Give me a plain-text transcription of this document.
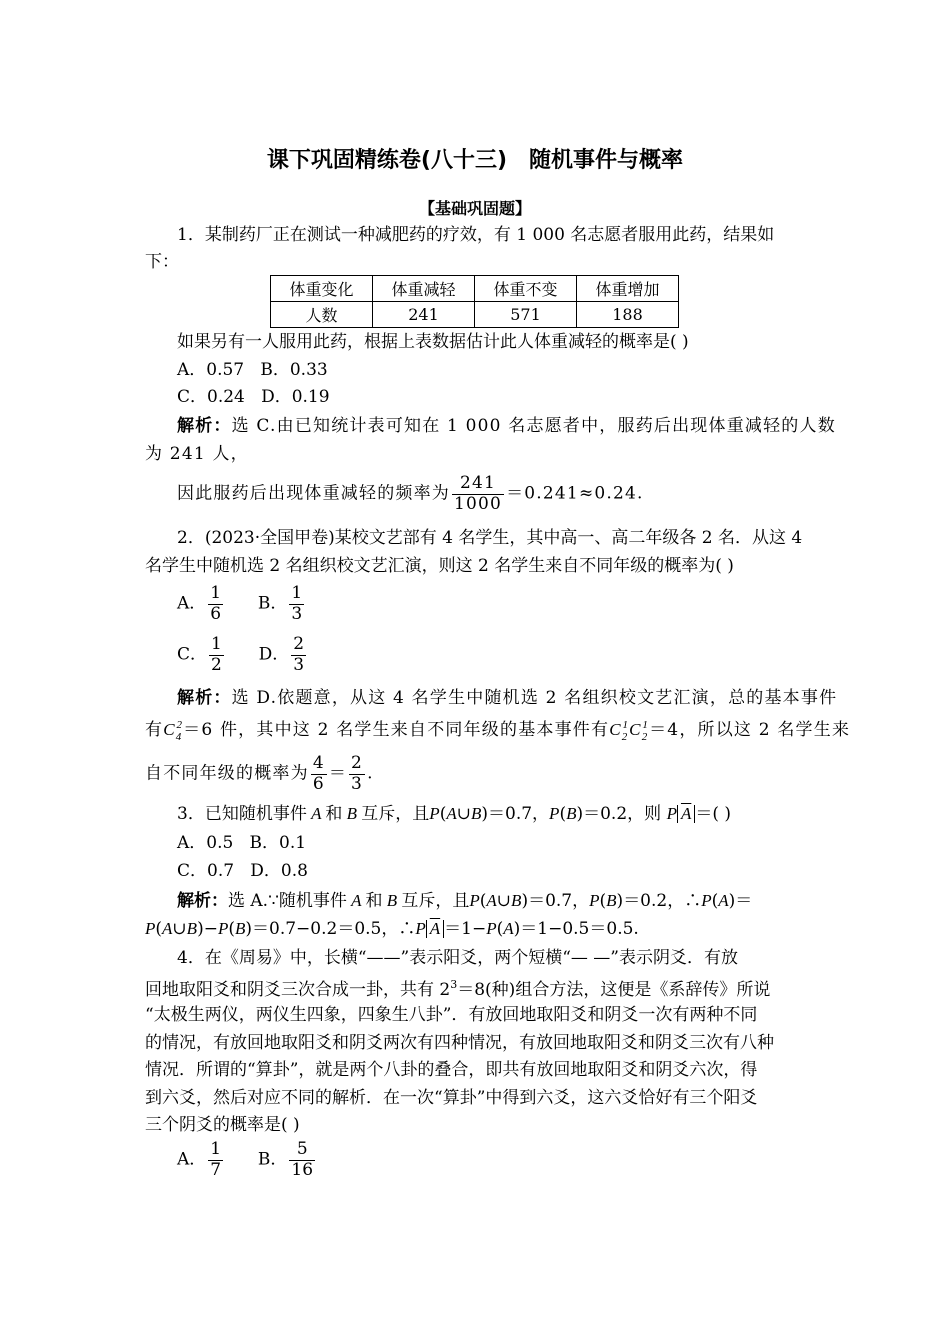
课下巩固精练卷(八十三) 随机事件与概率
【基础巩固题】
1．某制药厂正在测试一种减肥药的疗效，有 1 000 名志愿者服用此药，结果如
下：
体重变化	体重减轻	体重不变	体重增加
人数	241	571	188
如果另有一人服用此药，根据上表数据估计此人体重减轻的概率是( )
A．0.57 B．0.33
C．0.24 D．0.19
解析：选 C.由已知统计表可知在 1 000 名志愿者中，服药后出现体重减轻的人数
为 241 人，
因此服药后出现体重减轻的频率为 $\frac{241}{1000} =0.241\approx 0.24$.
2．(2023·全国甲卷)某校文艺部有 4 名学生，其中高一、高二年级各 2 名．从这 4
名学生中随机选 2 名组织校文艺汇演，则这 2 名学生来自不同年级的概率为( )
A． $\frac{1}{6}$ B． $\frac{1}{3}$
C． $\frac{1}{2}$ D． $\frac{2}{3}$
解析：选 D.依题意，从这 4 名学生中随机选 2 名组织校文艺汇演，总的基本事件
有$C_4^2=6$ 件，其中这 2 名学生来自不同年级的基本事件有$C_2^1C_2^1=4$，所以这 2 名学生来
自不同年级的概率为 $\frac{4}{6} = \frac{2}{3}$ .
3．已知随机事件 A 和 B 互斥，且P(A∪B)＝0.7，P(B)＝0.2，则 P $\overline{A}$ ＝( )
A．0.5 B．0.1
C．0.7 D．0.8
解析：选 A.∵随机事件 A 和 B 互斥，且P(A∪B)＝0.7，P(B)＝0.2，∴P(A)＝
P(A∪B)−P(B)＝0.7−0.2＝0.5，∴P $\overline{A} =1-P(A)=1-0.5=0.5$.
4．在《周易》中，长横“——”表示阳爻，两个短横“— —”表示阴爻．有放
回地取阳爻和阴爻三次合成一卦，共有 $2^3=8$(种)组合方法，这便是《系辞传》所说
“太极生两仪，两仪生四象，四象生八卦”．有放回地取阳爻和阴爻一次有两种不同
的情况，有放回地取阳爻和阴爻两次有四种情况，有放回地取阳爻和阴爻三次有八种
情况．所谓的“算卦”，就是两个八卦的叠合，即共有放回地取阳爻和阴爻六次，得
到六爻，然后对应不同的解析．在一次“算卦”中得到六爻，这六爻恰好有三个阳爻
三个阴爻的概率是( )
A． $\frac{1}{7}$ B． $\frac{5}{16}$
